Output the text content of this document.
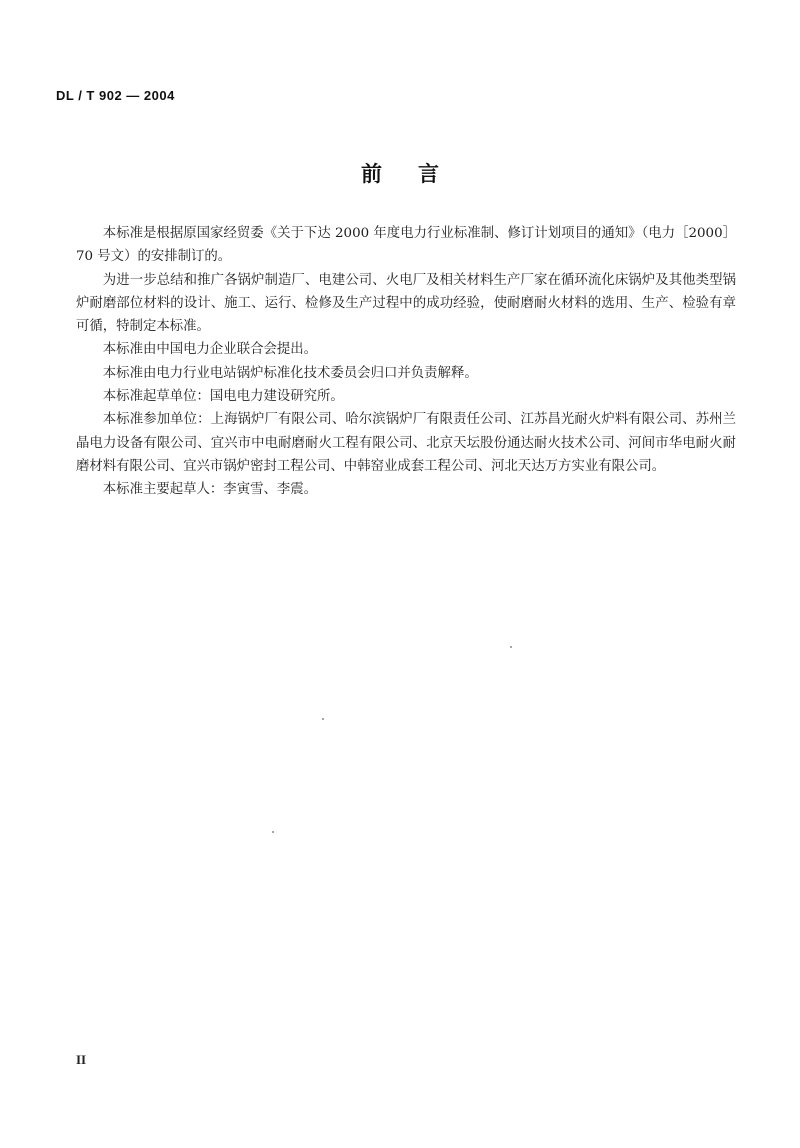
DL / T 902 — 2004
前言

本标准是根据原国家经贸委《关于下达 2000 年度电力行业标准制、修订计划项目的通知》（电力［2000］70 号文）的安排制订的。

为进一步总结和推广各锅炉制造厂、电建公司、火电厂及相关材料生产厂家在循环流化床锅炉及其他类型锅炉耐磨部位材料的设计、施工、运行、检修及生产过程中的成功经验，使耐磨耐火材料的选用、生产、检验有章可循，特制定本标准。

本标准由中国电力企业联合会提出。

本标准由电力行业电站锅炉标准化技术委员会归口并负责解释。

本标准起草单位：国电电力建设研究所。

本标准参加单位：上海锅炉厂有限公司、哈尔滨锅炉厂有限责任公司、江苏昌光耐火炉料有限公司、苏州兰晶电力设备有限公司、宜兴市中电耐磨耐火工程有限公司、北京天坛股份通达耐火技术公司、河间市华电耐火耐磨材料有限公司、宜兴市锅炉密封工程公司、中韩窑业成套工程公司、河北天达万方实业有限公司。

本标准主要起草人：李寅雪、李震。

II
